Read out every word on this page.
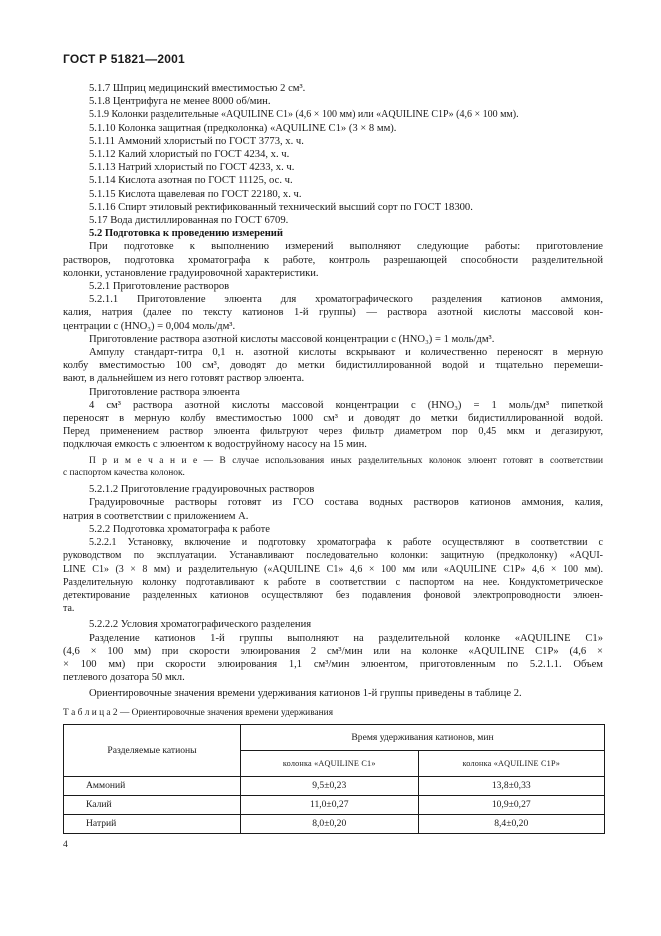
ГОСТ Р 51821—2001
5.1.7 Шприц медицинский вместимостью 2 см³.
5.1.8 Центрифуга не менее 8000 об/мин.
5.1.9 Колонки разделительные «AQUILINE C1» (4,6 × 100 мм) или «AQUILINE C1P» (4,6 × 100 мм).
5.1.10 Колонка защитная (предколонка) «AQUILINE C1» (3 × 8 мм).
5.1.11 Аммоний хлористый по ГОСТ 3773, х. ч.
5.1.12 Калий хлористый по ГОСТ 4234, х. ч.
5.1.13 Натрий хлористый по ГОСТ 4233, х. ч.
5.1.14 Кислота азотная по ГОСТ 11125, ос. ч.
5.1.15 Кислота щавелевая по ГОСТ 22180, х. ч.
5.1.16 Спирт этиловый ректификованный технический высший сорт по ГОСТ 18300.
5.17 Вода дистиллированная по ГОСТ 6709.
5.2 Подготовка к проведению измерений
При подготовке к выполнению измерений выполняют следующие работы: приготовление
растворов, подготовка хроматографа к работе, контроль разрешающей способности разделительной
колонки, установление градуировочной характеристики.
5.2.1 Приготовление растворов
5.2.1.1 Приготовление элюента для хроматографического разделения катионов аммония,
калия, натрия (далее по тексту катионов 1-й группы) — раствора азотной кислоты массовой кон-
центрации c (HNO₃) = 0,004 моль/дм³.
Приготовление раствора азотной кислоты массовой концентрации c (HNO₃) = 1 моль/дм³.
Ампулу стандарт-титра 0,1 н. азотной кислоты вскрывают и количественно переносят в мерную
колбу вместимостью 100 см³, доводят до метки бидистиллированной водой и тщательно перемеши-
вают, в дальнейшем из него готовят раствор элюента.
Приготовление раствора элюента
4 см³ раствора азотной кислоты массовой концентрации c (HNO₃) = 1 моль/дм³ пипеткой
переносят в мерную колбу вместимостью 1000 см³ и доводят до метки бидистиллированной водой.
Перед применением раствор элюента фильтруют через фильтр диаметром пор 0,45 мкм и дегазируют,
подключая емкость с элюентом к водоструйному насосу на 15 мин.
П р и м е ч а н и е — В случае использования иных разделительных колонок элюент готовят в соответствии
с паспортом качества колонок.
5.2.1.2 Приготовление градуировочных растворов
Градуировочные растворы готовят из ГСО состава водных растворов катионов аммония, калия,
натрия в соответствии с приложением А.
5.2.2 Подготовка хроматографа к работе
5.2.2.1 Установку, включение и подготовку хроматографа к работе осуществляют в соответствии с
руководством по эксплуатации. Устанавливают последовательно колонки: защитную (предколонку) «AQUI-
LINE C1» (3 × 8 мм) и разделительную («AQUILINE C1» 4,6 × 100 мм или «AQUILINE C1P» 4,6 × 100 мм).
Разделительную колонку подготавливают к работе в соответствии с паспортом на нее. Кондуктометрическое
детектирование разделенных катионов осуществляют без подавления фоновой электропроводности элюен-
та.
5.2.2.2 Условия хроматографического разделения
Разделение катионов 1-й группы выполняют на разделительной колонке «AQUILINE C1»
(4,6 × 100 мм) при скорости элюирования 2 см³/мин или на колонке «AQUILINE C1P» (4,6 ×
× 100 мм) при скорости элюирования 1,1 см³/мин элюентом, приготовленным по 5.2.1.1. Объем
петлевого дозатора 50 мкл.
Ориентировочные значения времени удерживания катионов 1-й группы приведены в таблице 2.
Т а б л и ц а 2 — Ориентировочные значения времени удерживания
Разделяемые катионы	Время удерживания катионов, мин	
	колонка «AQUILINE C1»	колонка «AQUILINE C1P»
Аммоний	9,5±0,23	13,8±0,33
Калий	11,0±0,27	10,9±0,27
Натрий	8,0±0,20	8,4±0,20
4
